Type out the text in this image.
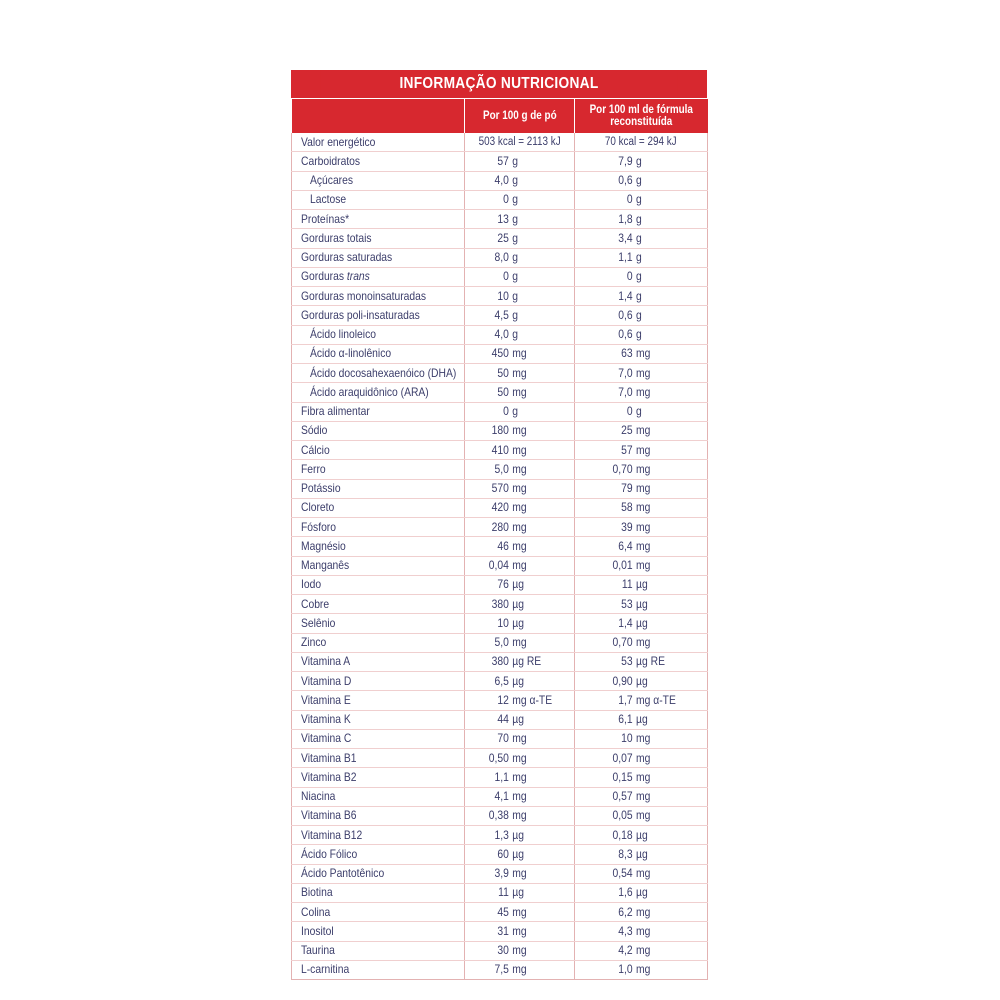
INFORMAÇÃO NUTRICIONAL
	Por 100 g de pó	Por 100 ml de fórmula reconstituída
Valor energético	503 kcal = 2113 kJ	70 kcal = 294 kJ
Carboidratos	57 g	7,9 g
Açúcares	4,0 g	0,6 g
Lactose	0 g	0 g
Proteínas*	13 g	1,8 g
Gorduras totais	25 g	3,4 g
Gorduras saturadas	8,0 g	1,1 g
Gorduras trans	0 g	0 g
Gorduras monoinsaturadas	10 g	1,4 g
Gorduras poli-insaturadas	4,5 g	0,6 g
Ácido linoleico	4,0 g	0,6 g
Ácido α-linolênico	450 mg	63 mg
Ácido docosahexaenóico (DHA)	50 mg	7,0 mg
Ácido araquidônico (ARA)	50 mg	7,0 mg
Fibra alimentar	0 g	0 g
Sódio	180 mg	25 mg
Cálcio	410 mg	57 mg
Ferro	5,0 mg	0,70 mg
Potássio	570 mg	79 mg
Cloreto	420 mg	58 mg
Fósforo	280 mg	39 mg
Magnésio	46 mg	6,4 mg
Manganês	0,04 mg	0,01 mg
Iodo	76 µg	11 µg
Cobre	380 µg	53 µg
Selênio	10 µg	1,4 µg
Zinco	5,0 mg	0,70 mg
Vitamina A	380 µg RE	53 µg RE
Vitamina D	6,5 µg	0,90 µg
Vitamina E	12 mg α-TE	1,7 mg α-TE
Vitamina K	44 µg	6,1 µg
Vitamina C	70 mg	10 mg
Vitamina B1	0,50 mg	0,07 mg
Vitamina B2	1,1 mg	0,15 mg
Niacina	4,1 mg	0,57 mg
Vitamina B6	0,38 mg	0,05 mg
Vitamina B12	1,3 µg	0,18 µg
Ácido Fólico	60 µg	8,3 µg
Ácido Pantotênico	3,9 mg	0,54 mg
Biotina	11 µg	1,6 µg
Colina	45 mg	6,2 mg
Inositol	31 mg	4,3 mg
Taurina	30 mg	4,2 mg
L-carnitina	7,5 mg	1,0 mg
